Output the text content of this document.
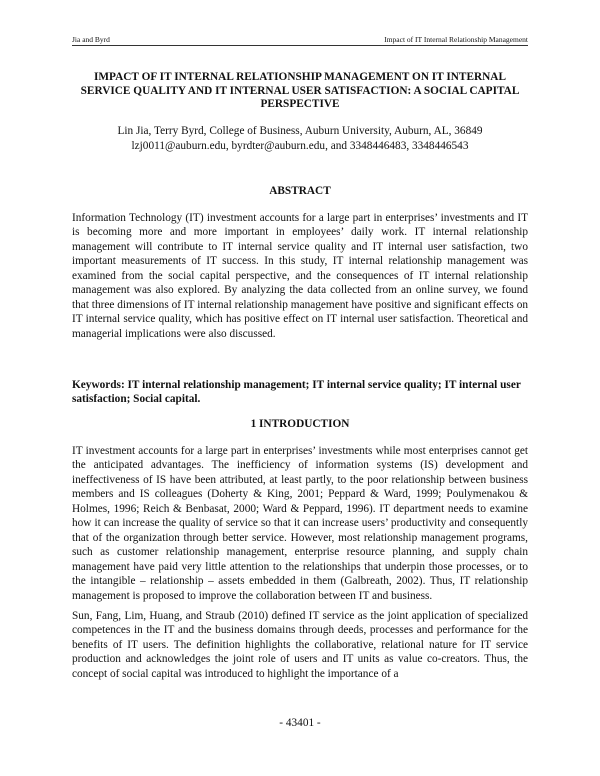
Jia and Byrd	Impact of IT Internal Relationship Management
IMPACT OF IT INTERNAL RELATIONSHIP MANAGEMENT ON IT INTERNAL SERVICE QUALITY AND IT INTERNAL USER SATISFACTION: A SOCIAL CAPITAL PERSPECTIVE
Lin Jia, Terry Byrd, College of Business, Auburn University, Auburn, AL, 36849
lzj0011@auburn.edu, byrdter@auburn.edu, and 3348446483, 3348446543
ABSTRACT

Information Technology (IT) investment accounts for a large part in enterprises’ investments and IT is becoming more and more important in employees’ daily work. IT internal relationship management will contribute to IT internal service quality and IT internal user satisfaction, two important measurements of IT success. In this study, IT internal relationship management was examined from the social capital perspective, and the consequences of IT internal relationship management was also explored. By analyzing the data collected from an online survey, we found that three dimensions of IT internal relationship management have positive and significant effects on IT internal service quality, which has positive effect on IT internal user satisfaction. Theoretical and managerial implications were also discussed.

Keywords: IT internal relationship management; IT internal service quality; IT internal user satisfaction; Social capital.

1 INTRODUCTION

IT investment accounts for a large part in enterprises’ investments while most enterprises cannot get the anticipated advantages. The inefficiency of information systems (IS) development and ineffectiveness of IS have been attributed, at least partly, to the poor relationship between business members and IS colleagues (Doherty & King, 2001; Peppard & Ward, 1999; Poulymenakou & Holmes, 1996; Reich & Benbasat, 2000; Ward & Peppard, 1996). IT department needs to examine how it can increase the quality of service so that it can increase users’ productivity and consequently that of the organization through better service. However, most relationship management programs, such as customer relationship management, enterprise resource planning, and supply chain management have paid very little attention to the relationships that underpin those processes, or to the intangible – relationship – assets embedded in them (Galbreath, 2002). Thus, IT relationship management is proposed to improve the collaboration between IT and business.

Sun, Fang, Lim, Huang, and Straub (2010) defined IT service as the joint application of specialized competences in the IT and the business domains through deeds, processes and performance for the benefits of IT users. The definition highlights the collaborative, relational nature for IT service production and acknowledges the joint role of users and IT units as value co-creators. Thus, the concept of social capital was introduced to highlight the importance of a

- 43401 -
